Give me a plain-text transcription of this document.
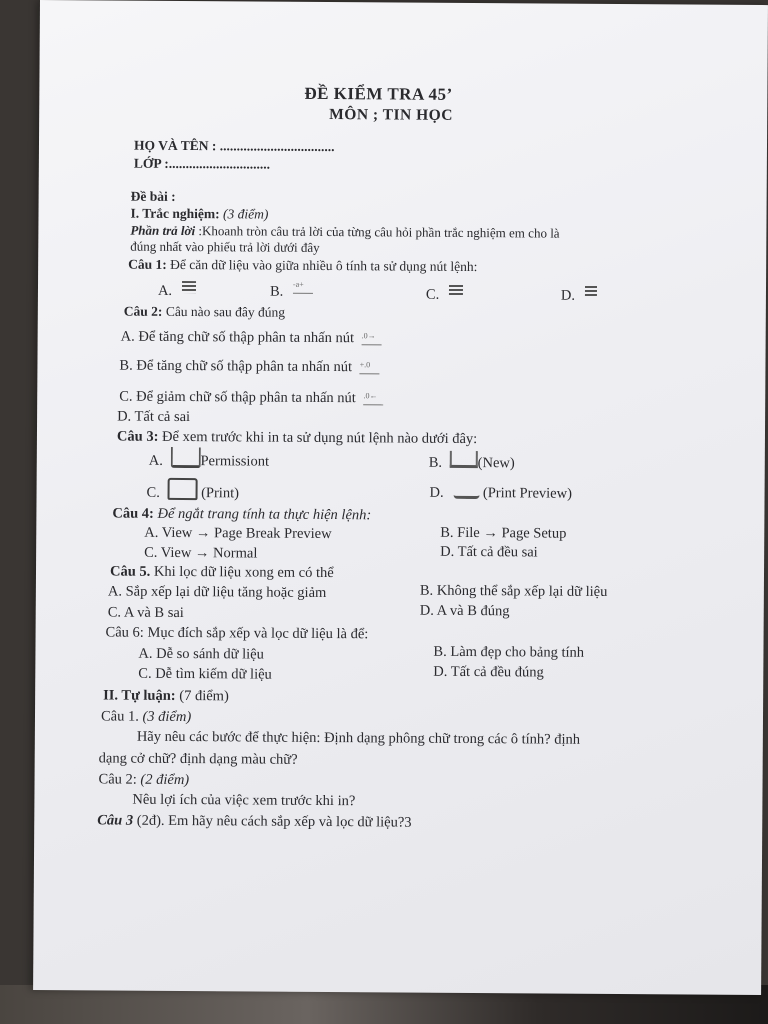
ĐỀ KIỂM TRA 45’
MÔN ; TIN HỌC
HỌ VÀ TÊN : ..................................
LỚP :..............................
Đề bài :
I. Trắc nghiệm: (3 điểm)
Phần trả lời :Khoanh tròn câu trả lời của từng câu hỏi phần trắc nghiệm em cho là
đúng nhất vào phiếu trả lời dưới đây
Câu 1: Để căn dữ liệu vào giữa nhiều ô tính ta sử dụng nút lệnh:
A.	B. -a+
C.	D.
Câu 2: Câu nào sau đây đúng
A. Để tăng chữ số thập phân ta nhấn nút .0→
B. Để tăng chữ số thập phân ta nhấn nút +.0
C. Để giảm chữ số thập phân ta nhấn nút .0←
D. Tất cả sai
Câu 3: Để xem trước khi in ta sử dụng nút lệnh nào dưới đây:
A.	Permissiont	B. (New)
C.	(Print)	D.  (Print Preview)
Câu 4: Để ngắt trang tính ta thực hiện lệnh:
A. View → Page Break Preview	B. File → Page Setup
C. View → Normal	D. Tất cả đều sai
Câu 5. Khi lọc dữ liệu xong em có thể
A. Sắp xếp lại dữ liệu tăng hoặc giảm	B. Không thể sắp xếp lại dữ liệu
C. A và B sai	D. A và B đúng
Câu 6: Mục đích sắp xếp và lọc dữ liệu là để:
A. Dễ so sánh dữ liệu	B. Làm đẹp cho bảng tính
C. Dễ tìm kiếm dữ liệu	D. Tất cả đều đúng
II. Tự luận: (7 điểm)
Câu 1. (3 điểm)
Hãy nêu các bước để thực hiện: Định dạng phông chữ trong các ô tính? định
dạng cở chữ? định dạng màu chữ?
Câu 2: (2 điểm)
Nêu lợi ích của việc xem trước khi in?
Câu 3 (2đ). Em hãy nêu cách sắp xếp và lọc dữ liệu?3
